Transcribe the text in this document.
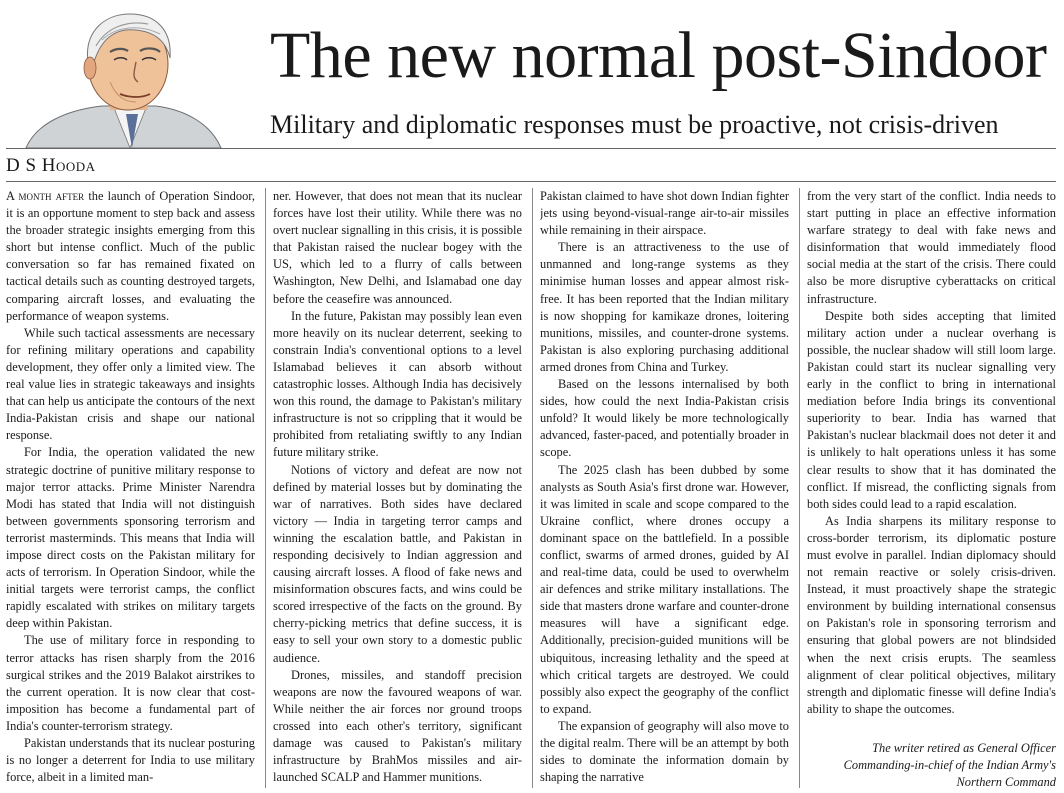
The new normal post-Sindoor
Military and diplomatic responses must be proactive, not crisis-driven
D S Hooda

A month after the launch of Operation Sindoor, it is an opportune moment to step back and assess the broader strategic insights emerging from this short but intense conflict. Much of the public conversation so far has remained fixated on tactical details such as counting destroyed targets, comparing aircraft losses, and evaluating the performance of weapon systems.

While such tactical assessments are necessary for refining military operations and capability development, they offer only a limited view. The real value lies in strategic takeaways and insights that can help us anticipate the contours of the next India-Pakistan crisis and shape our national response.

For India, the operation validated the new strategic doctrine of punitive military response to major terror attacks. Prime Minister Narendra Modi has stated that India will not distinguish between governments sponsoring terrorism and terrorist masterminds. This means that India will impose direct costs on the Pakistan military for acts of terrorism. In Operation Sindoor, while the initial targets were terrorist camps, the conflict rapidly escalated with strikes on military targets deep within Pakistan.

The use of military force in responding to terror attacks has risen sharply from the 2016 surgical strikes and the 2019 Balakot airstrikes to the current operation. It is now clear that cost-imposition has become a fundamental part of India's counter-terrorism strategy.

Pakistan understands that its nuclear posturing is no longer a deterrent for India to use military force, albeit in a limited man-

ner. However, that does not mean that its nuclear forces have lost their utility. While there was no overt nuclear signalling in this crisis, it is possible that Pakistan raised the nuclear bogey with the US, which led to a flurry of calls between Washington, New Delhi, and Islamabad one day before the ceasefire was announced.

In the future, Pakistan may possibly lean even more heavily on its nuclear deterrent, seeking to constrain India's conventional options to a level Islamabad believes it can absorb without catastrophic losses. Although India has decisively won this round, the damage to Pakistan's military infrastructure is not so crippling that it would be prohibited from retaliating swiftly to any Indian future military strike.

Notions of victory and defeat are now not defined by material losses but by dominating the war of narratives. Both sides have declared victory — India in targeting terror camps and winning the escalation battle, and Pakistan in responding decisively to Indian aggression and causing aircraft losses. A flood of fake news and misinformation obscures facts, and wins could be scored irrespective of the facts on the ground. By cherry-picking metrics that define success, it is easy to sell your own story to a domestic public audience.

Drones, missiles, and standoff precision weapons are now the favoured weapons of war. While neither the air forces nor ground troops crossed into each other's territory, significant damage was caused to Pakistan's military infrastructure by BrahMos missiles and air-launched SCALP and Hammer munitions.

Pakistan claimed to have shot down Indian fighter jets using beyond-visual-range air-to-air missiles while remaining in their airspace.

There is an attractiveness to the use of unmanned and long-range systems as they minimise human losses and appear almost risk-free. It has been reported that the Indian military is now shopping for kamikaze drones, loitering munitions, missiles, and counter-drone systems. Pakistan is also exploring purchasing additional armed drones from China and Turkey.

Based on the lessons internalised by both sides, how could the next India-Pakistan crisis unfold? It would likely be more technologically advanced, faster-paced, and potentially broader in scope.

The 2025 clash has been dubbed by some analysts as South Asia's first drone war. However, it was limited in scale and scope compared to the Ukraine conflict, where drones occupy a dominant space on the battlefield. In a possible conflict, swarms of armed drones, guided by AI and real-time data, could be used to overwhelm air defences and strike military installations. The side that masters drone warfare and counter-drone measures will have a significant edge. Additionally, precision-guided munitions will be ubiquitous, increasing lethality and the speed at which critical targets are destroyed. We could possibly also expect the geography of the conflict to expand.

The expansion of geography will also move to the digital realm. There will be an attempt by both sides to dominate the information domain by shaping the narrative

from the very start of the conflict. India needs to start putting in place an effective information warfare strategy to deal with fake news and disinformation that would immediately flood social media at the start of the crisis. There could also be more disruptive cyberattacks on critical infrastructure.

Despite both sides accepting that limited military action under a nuclear overhang is possible, the nuclear shadow will still loom large. Pakistan could start its nuclear signalling very early in the conflict to bring in international mediation before India brings its conventional superiority to bear. India has warned that Pakistan's nuclear blackmail does not deter it and is unlikely to halt operations unless it has some clear results to show that it has dominated the conflict. If misread, the conflicting signals from both sides could lead to a rapid escalation.

As India sharpens its military response to cross-border terrorism, its diplomatic posture must evolve in parallel. Indian diplomacy should not remain reactive or solely crisis-driven. Instead, it must proactively shape the strategic environment by building international consensus on Pakistan's role in sponsoring terrorism and ensuring that global powers are not blindsided when the next crisis erupts. The seamless alignment of clear political objectives, military strength and diplomatic finesse will define India's ability to shape the outcomes.

The writer retired as General Officer Commanding-in-chief of the Indian Army's Northern Command
